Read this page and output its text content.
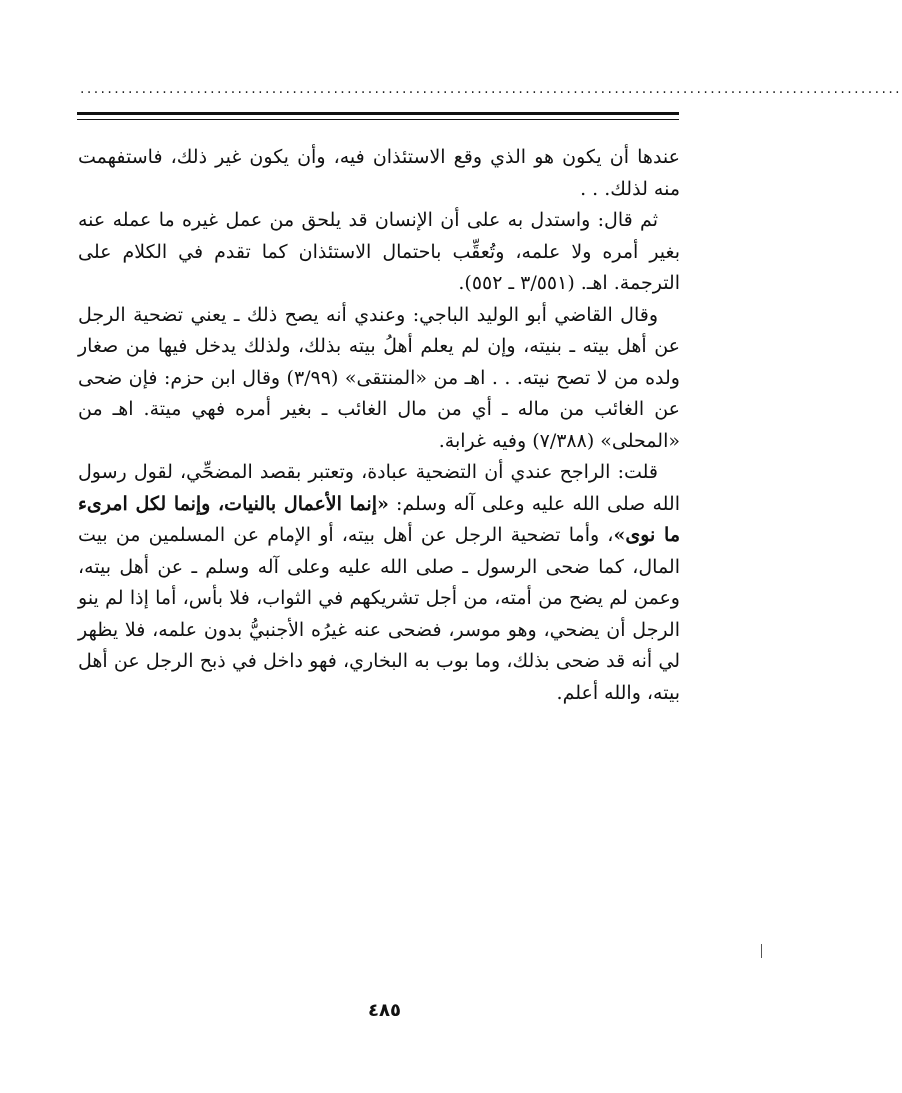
........................................................................................................................

عندها أن يكون هو الذي وقع الاستئذان فيه، وأن يكون غير ذلك، فاستفهمت منه لذلك. . .

ثم قال: واستدل به على أن الإنسان قد يلحق من عمل غيره ما عمله عنه بغير أمره ولا علمه، وتُعقِّب باحتمال الاستئذان كما تقدم في الكلام على الترجمة. اهـ. (٣/٥٥١ ـ ٥٥٢).

وقال القاضي أبو الوليد الباجي: وعندي أنه يصح ذلك ـ يعني تضحية الرجل عن أهل بيته ـ بنيته، وإن لم يعلم أهلُ بيته بذلك، ولذلك يدخل فيها من صغار ولده من لا تصح نيته. . . اهـ من «المنتقى» (٣/٩٩) وقال ابن حزم: فإن ضحى عن الغائب من ماله ـ أي من مال الغائب ـ بغير أمره فهي ميتة. اهـ من «المحلى» (٧/٣٨٨) وفيه غرابة.

قلت: الراجح عندي أن التضحية عبادة، وتعتبر بقصد المضحِّي، لقول رسول الله صلى الله عليه وعلى آله وسلم: «إنما الأعمال بالنيات، وإنما لكل امرىء ما نوى»، وأما تضحية الرجل عن أهل بيته، أو الإمام عن المسلمين من بيت المال، كما ضحى الرسول ـ صلى الله عليه وعلى آله وسلم ـ عن أهل بيته، وعمن لم يضح من أمته، من أجل تشريكهم في الثواب، فلا بأس، أما إذا لم ينو الرجل أن يضحي، وهو موسر، فضحى عنه غيرُه الأجنبيُّ بدون علمه، فلا يظهر لي أنه قد ضحى بذلك، وما بوب به البخاري، فهو داخل في ذبح الرجل عن أهل بيته، والله أعلم.

٤٨٥
